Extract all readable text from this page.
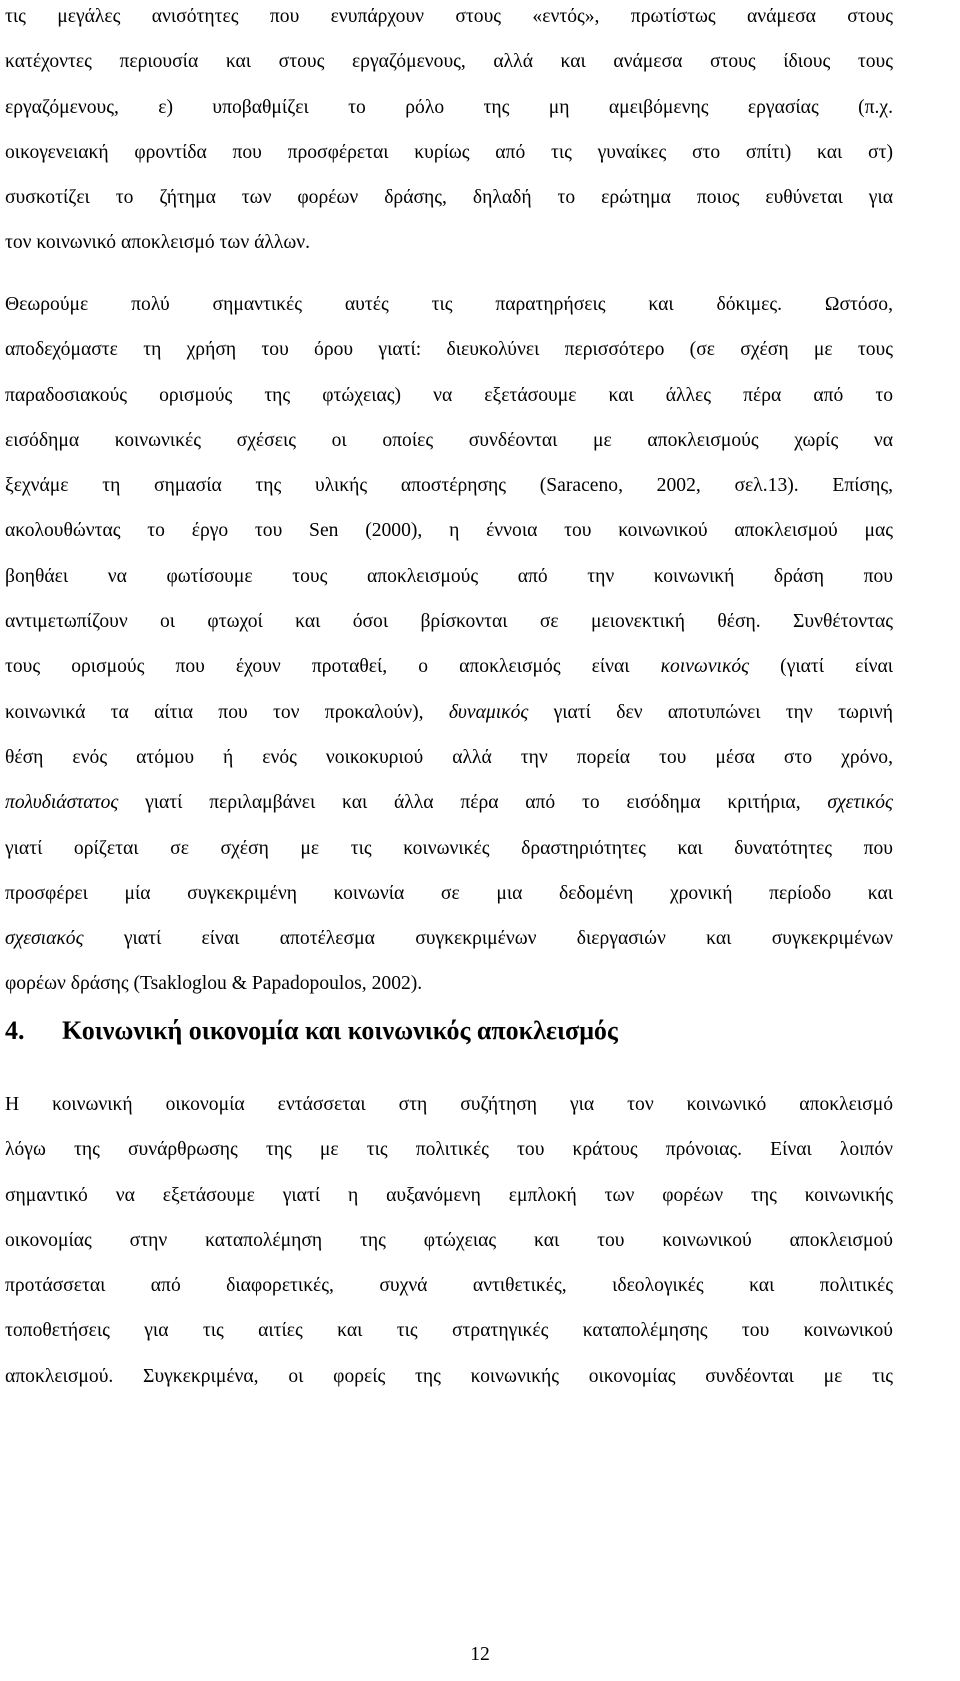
τις μεγάλες ανισότητες που ενυπάρχουν στους «εντός», πρωτίστως ανάμεσα στους
κατέχοντες περιουσία και στους εργαζόμενους, αλλά και ανάμεσα στους ίδιους τους
εργαζόμενους, ε) υποβαθμίζει το ρόλο της μη αμειβόμενης εργασίας (π.χ.
οικογενειακή φροντίδα που προσφέρεται κυρίως από τις γυναίκες στο σπίτι) και στ)
συσκοτίζει το ζήτημα των φορέων δράσης, δηλαδή το ερώτημα ποιος ευθύνεται για
τον κοινωνικό αποκλεισμό των άλλων.
Θεωρούμε πολύ σημαντικές αυτές τις παρατηρήσεις και δόκιμες. Ωστόσο,
αποδεχόμαστε τη χρήση του όρου γιατί: διευκολύνει περισσότερο (σε σχέση με τους
παραδοσιακούς ορισμούς της φτώχειας) να εξετάσουμε και άλλες πέρα από το
εισόδημα κοινωνικές σχέσεις οι οποίες συνδέονται με αποκλεισμούς χωρίς να
ξεχνάμε τη σημασία της υλικής αποστέρησης (Saraceno, 2002, σελ.13). Επίσης,
ακολουθώντας το έργο του Sen (2000), η έννοια του κοινωνικού αποκλεισμού μας
βοηθάει να φωτίσουμε τους αποκλεισμούς από την κοινωνική δράση που
αντιμετωπίζουν οι φτωχοί και όσοι βρίσκονται σε μειονεκτική θέση. Συνθέτοντας
τους ορισμούς που έχουν προταθεί, ο αποκλεισμός είναι κοινωνικός (γιατί είναι
κοινωνικά τα αίτια που τον προκαλούν), δυναμικός γιατί δεν αποτυπώνει την τωρινή
θέση ενός ατόμου ή ενός νοικοκυριού αλλά την πορεία του μέσα στο χρόνο,
πολυδιάστατος γιατί περιλαμβάνει και άλλα πέρα από το εισόδημα κριτήρια, σχετικός
γιατί ορίζεται σε σχέση με τις κοινωνικές δραστηριότητες και δυνατότητες που
προσφέρει μία συγκεκριμένη κοινωνία σε μια δεδομένη χρονική περίοδο και
σχεσιακός γιατί είναι αποτέλεσμα συγκεκριμένων διεργασιών και συγκεκριμένων
φορέων δράσης (Tsakloglou & Papadopoulos, 2002).
4. Κοινωνική οικονομία και κοινωνικός αποκλεισμός
Η κοινωνική οικονομία εντάσσεται στη συζήτηση για τον κοινωνικό αποκλεισμό
λόγω της συνάρθρωσης της με τις πολιτικές του κράτους πρόνοιας. Είναι λοιπόν
σημαντικό να εξετάσουμε γιατί η αυξανόμενη εμπλοκή των φορέων της κοινωνικής
οικονομίας στην καταπολέμηση της φτώχειας και του κοινωνικού αποκλεισμού
προτάσσεται από διαφορετικές, συχνά αντιθετικές, ιδεολογικές και πολιτικές
τοποθετήσεις για τις αιτίες και τις στρατηγικές καταπολέμησης του κοινωνικού
αποκλεισμού. Συγκεκριμένα, οι φορείς της κοινωνικής οικονομίας συνδέονται με τις
12
